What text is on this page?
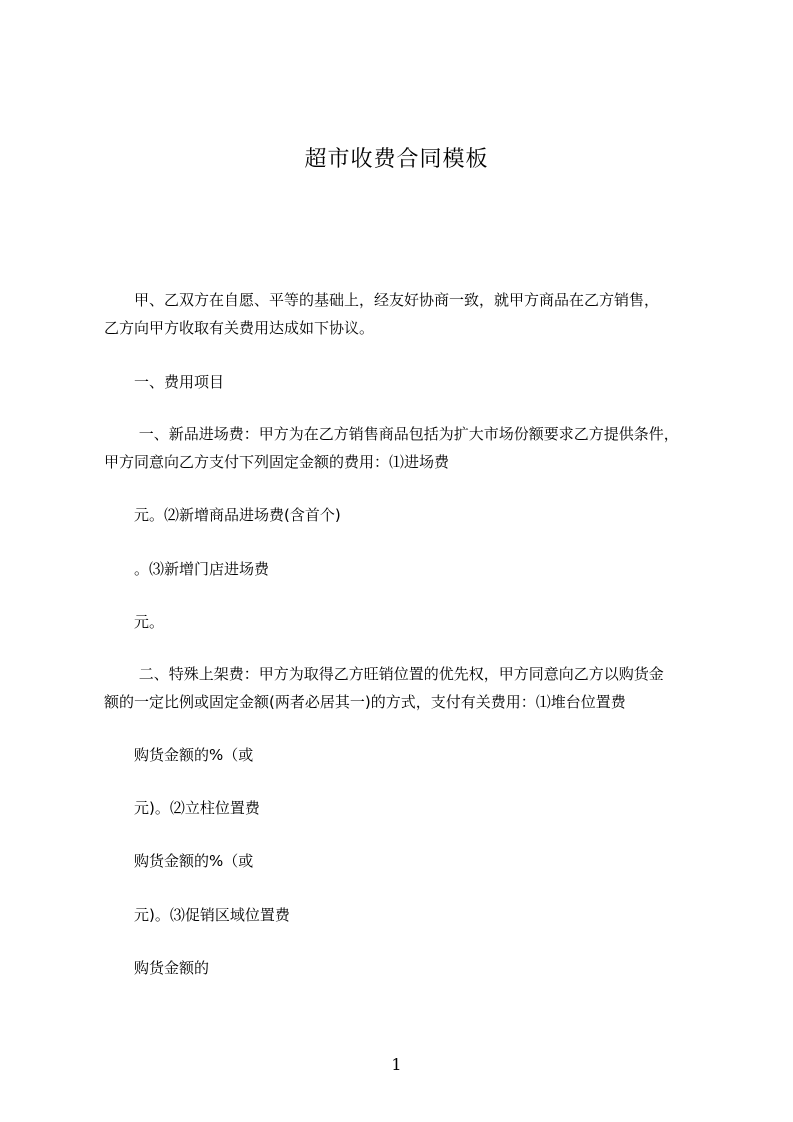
超市收费合同模板
　　甲、乙双方在自愿、平等的基础上，经友好协商一致，就甲方商品在乙方销售，
乙方向甲方收取有关费用达成如下协议。
　　一、费用项目
　　 一、新品进场费：甲方为在乙方销售商品包括为扩大市场份额要求乙方提供条件，
甲方同意向乙方支付下列固定金额的费用：⑴进场费
　　元。⑵新增商品进场费(含首个)
　　。⑶新增门店进场费
　　元。
　　 二、特殊上架费：甲方为取得乙方旺销位置的优先权，甲方同意向乙方以购货金
额的一定比例或固定金额(两者必居其一)的方式，支付有关费用：⑴堆台位置费
　　购货金额的%（或
　　元)。⑵立柱位置费
　　购货金额的%（或
　　元)。⑶促销区域位置费
　　购货金额的
1
